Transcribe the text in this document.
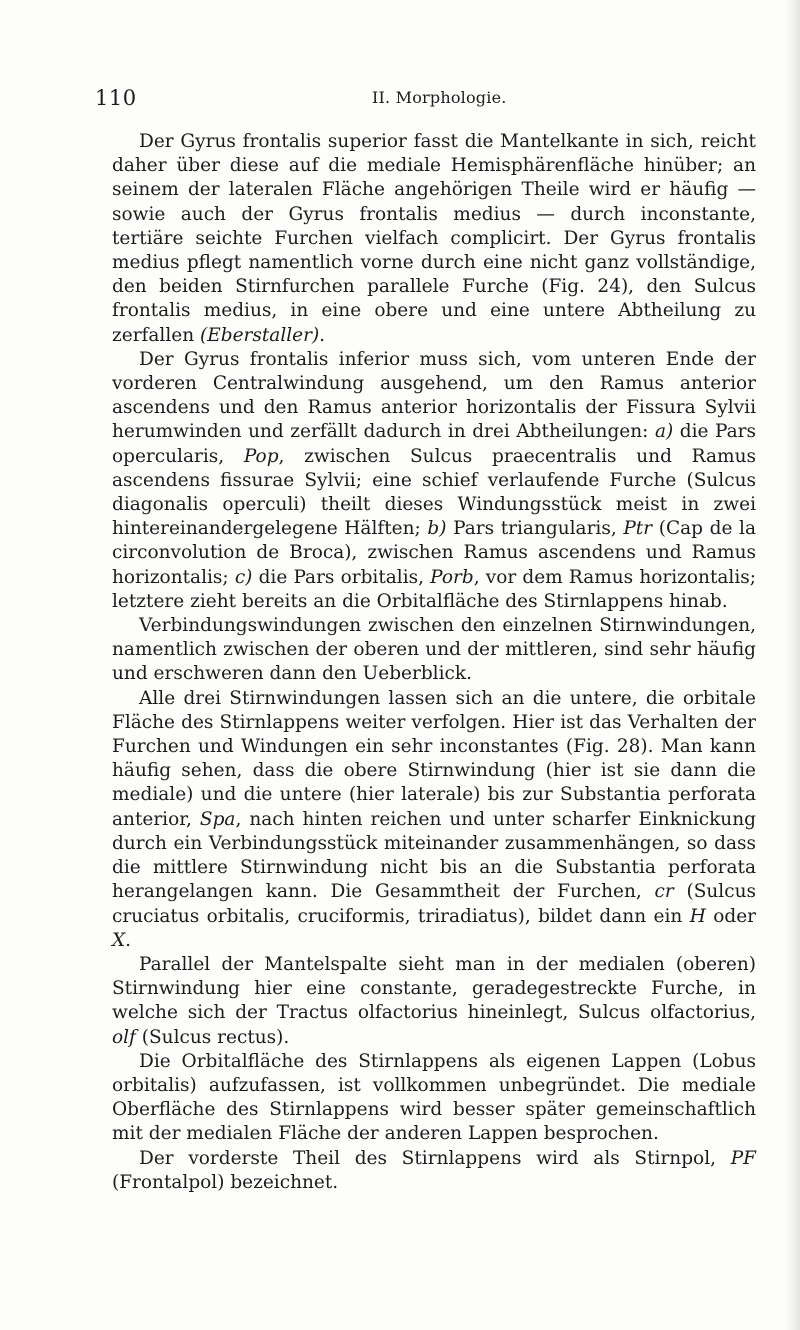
110	II. Morphologie.

Der Gyrus frontalis superior fasst die Mantelkante in sich, reicht daher über diese auf die mediale Hemisphärenfläche hinüber; an seinem der lateralen Fläche angehörigen Theile wird er häufig — sowie auch der Gyrus frontalis medius — durch inconstante, tertiäre seichte Furchen vielfach complicirt. Der Gyrus frontalis medius pflegt namentlich vorne durch eine nicht ganz vollständige, den beiden Stirnfurchen parallele Furche (Fig. 24), den Sulcus frontalis medius, in eine obere und eine untere Abtheilung zu zerfallen (Eberstaller).

Der Gyrus frontalis inferior muss sich, vom unteren Ende der vorderen Centralwindung ausgehend, um den Ramus anterior ascendens und den Ramus anterior horizontalis der Fissura Sylvii herumwinden und zerfällt dadurch in drei Abtheilungen: a) die Pars opercularis, Pop, zwischen Sulcus praecentralis und Ramus ascendens fissurae Sylvii; eine schief verlaufende Furche (Sulcus diagonalis operculi) theilt dieses Windungsstück meist in zwei hintereinandergelegene Hälften; b) Pars triangularis, Ptr (Cap de la circonvolution de Broca), zwischen Ramus ascendens und Ramus horizontalis; c) die Pars orbitalis, Porb, vor dem Ramus horizontalis; letztere zieht bereits an die Orbitalfläche des Stirnlappens hinab.

Verbindungswindungen zwischen den einzelnen Stirnwindungen, namentlich zwischen der oberen und der mittleren, sind sehr häufig und erschweren dann den Ueberblick.

Alle drei Stirnwindungen lassen sich an die untere, die orbitale Fläche des Stirnlappens weiter verfolgen. Hier ist das Verhalten der Furchen und Windungen ein sehr inconstantes (Fig. 28). Man kann häufig sehen, dass die obere Stirnwindung (hier ist sie dann die mediale) und die untere (hier laterale) bis zur Substantia perforata anterior, Spa, nach hinten reichen und unter scharfer Einknickung durch ein Verbindungsstück miteinander zusammenhängen, so dass die mittlere Stirnwindung nicht bis an die Substantia perforata herangelangen kann. Die Gesammtheit der Furchen, cr (Sulcus cruciatus orbitalis, cruciformis, triradiatus), bildet dann ein H oder X.

Parallel der Mantelspalte sieht man in der medialen (oberen) Stirnwindung hier eine constante, geradegestreckte Furche, in welche sich der Tractus olfactorius hineinlegt, Sulcus olfactorius, olf (Sulcus rectus).

Die Orbitalfläche des Stirnlappens als eigenen Lappen (Lobus orbitalis) aufzufassen, ist vollkommen unbegründet. Die mediale Oberfläche des Stirnlappens wird besser später gemeinschaftlich mit der medialen Fläche der anderen Lappen besprochen.

Der vorderste Theil des Stirnlappens wird als Stirnpol, PF (Frontalpol) bezeichnet.
